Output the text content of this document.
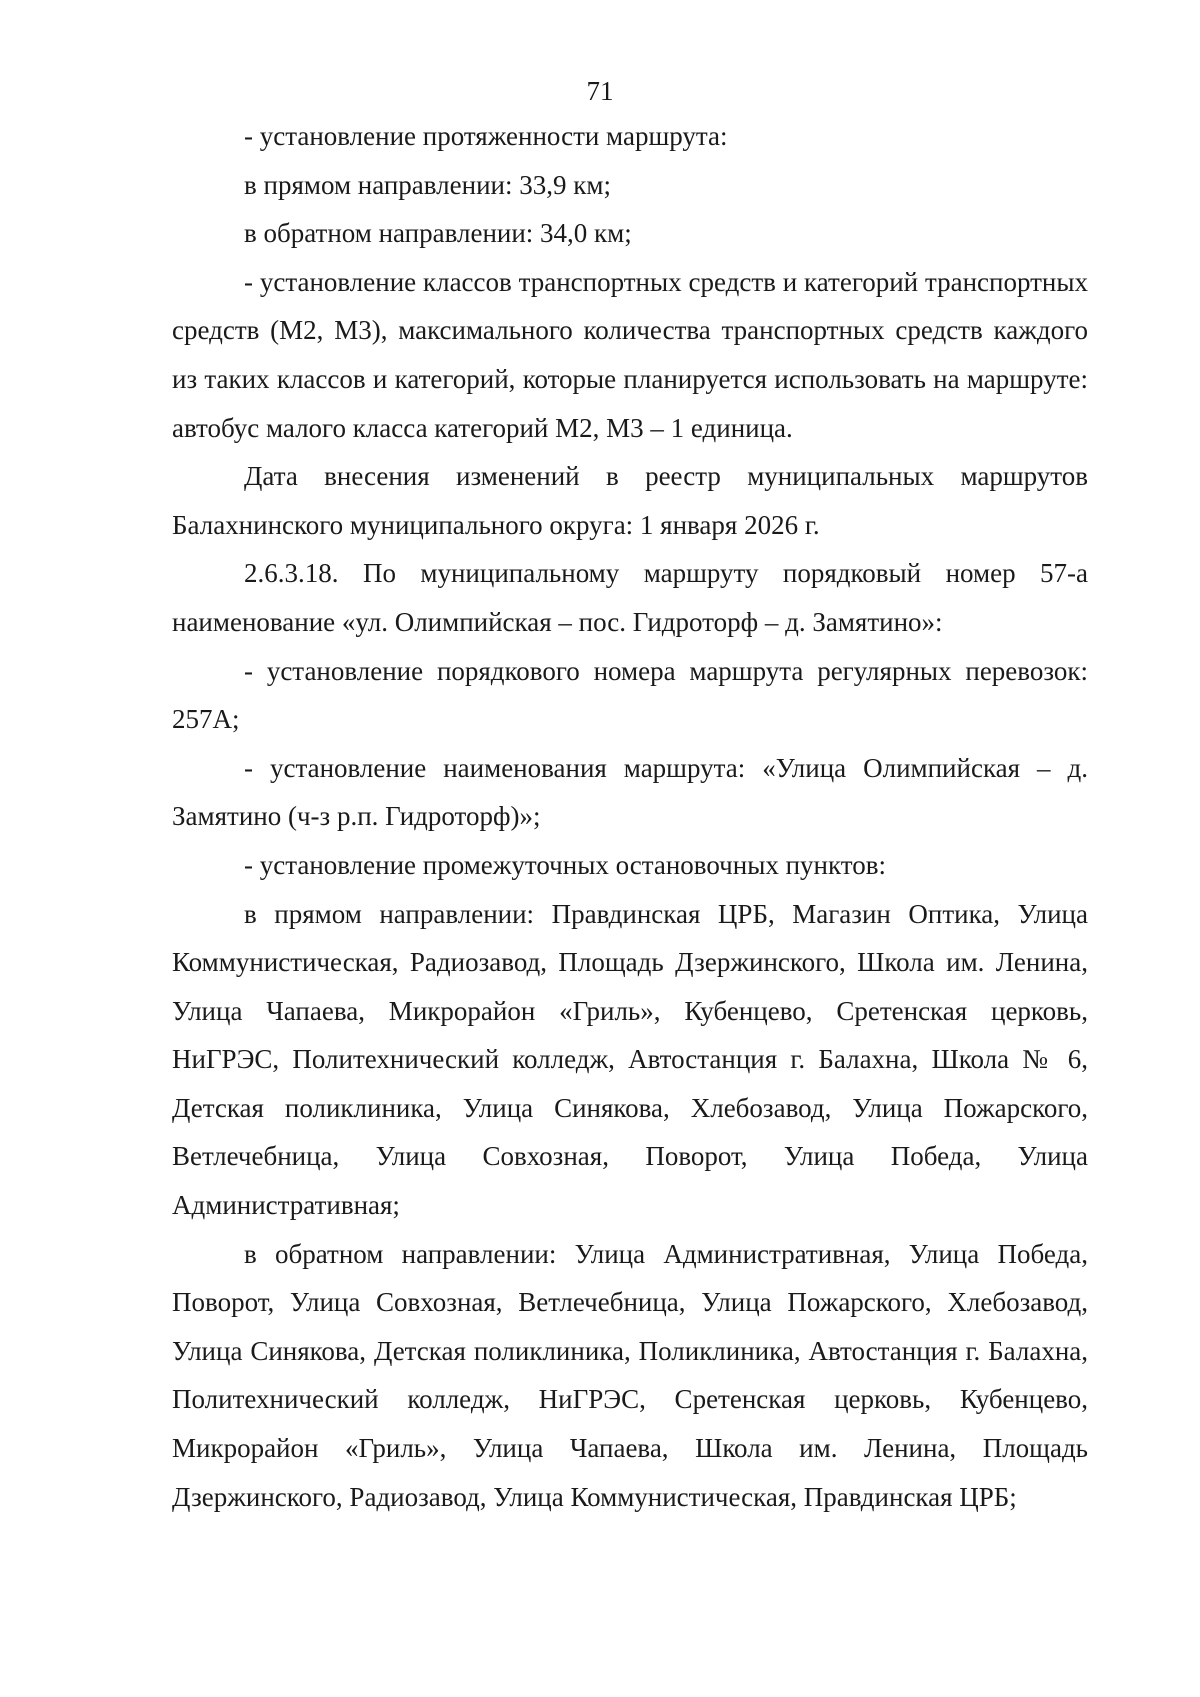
71

- установление протяженности маршрута:

в прямом направлении: 33,9 км;

в обратном направлении: 34,0 км;

- установление классов транспортных средств и категорий транспортных средств (М2, М3), максимального количества транспортных средств каждого из таких классов и категорий, которые планируется использовать на маршруте: автобус малого класса категорий М2, М3 – 1 единица.

Дата внесения изменений в реестр муниципальных маршрутов Балахнинского муниципального округа: 1 января 2026 г.

2.6.3.18. По муниципальному маршруту порядковый номер 57-а наименование «ул. Олимпийская – пос. Гидроторф – д. Замятино»:

- установление порядкового номера маршрута регулярных перевозок: 257А;

- установление наименования маршрута: «Улица Олимпийская – д. Замятино (ч-з р.п. Гидроторф)»;

- установление промежуточных остановочных пунктов:

в прямом направлении: Правдинская ЦРБ, Магазин Оптика, Улица Коммунистическая, Радиозавод, Площадь Дзержинского, Школа им. Ленина, Улица Чапаева, Микрорайон «Гриль», Кубенцево, Сретенская церковь, НиГРЭС, Политехнический колледж, Автостанция г. Балахна, Школа № 6, Детская поликлиника, Улица Синякова, Хлебозавод, Улица Пожарского, Ветлечебница, Улица Совхозная, Поворот, Улица Победа, Улица Административная;

в обратном направлении: Улица Административная, Улица Победа, Поворот, Улица Совхозная, Ветлечебница, Улица Пожарского, Хлебозавод, Улица Синякова, Детская поликлиника, Поликлиника, Автостанция г. Балахна, Политехнический колледж, НиГРЭС, Сретенская церковь, Кубенцево, Микрорайон «Гриль», Улица Чапаева, Школа им. Ленина, Площадь Дзержинского, Радиозавод, Улица Коммунистическая, Правдинская ЦРБ;
